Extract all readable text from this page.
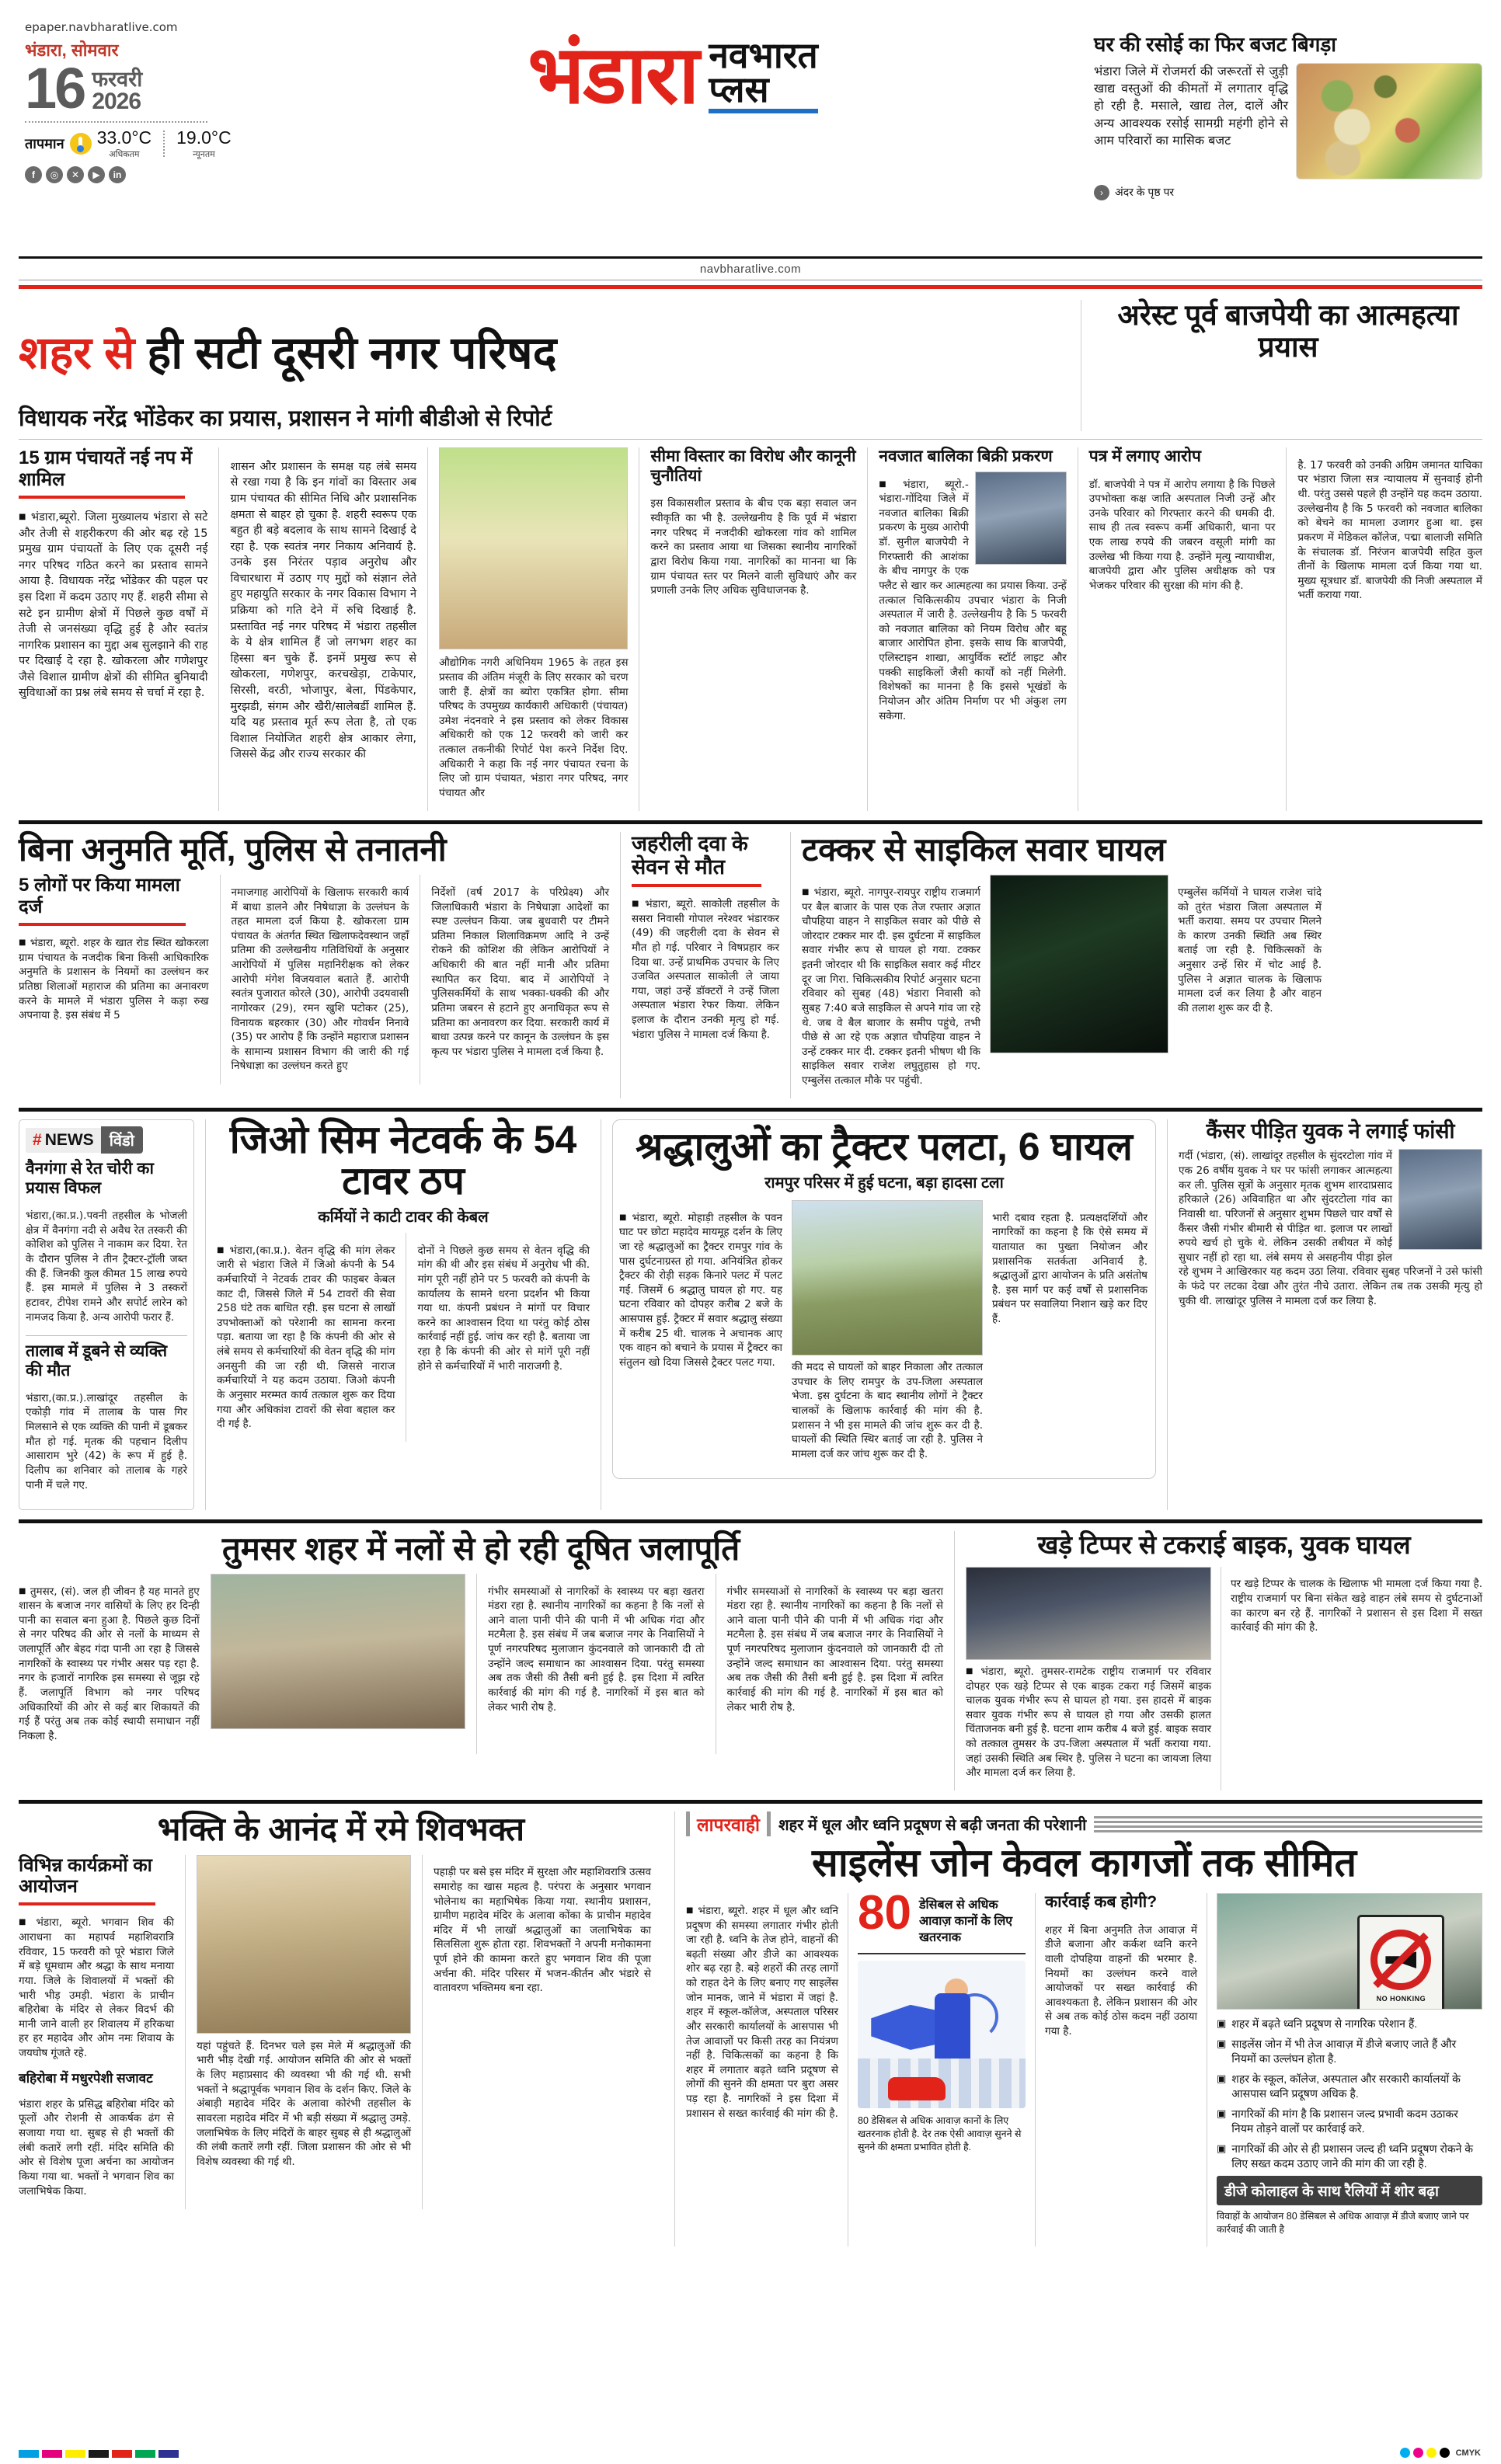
epaper.navbharatlive.com
भंडारा, सोमवार
16 फरवरी
2026
तापमान 33.0°C
अधिकतम
19.0°C
न्यूनतम
f	◎	✕	▶	in
भंडारा नवभारत
प्लस
घर की रसोई का फिर बजट बिगड़ा
भंडारा जिले में रोजमर्रा की जरूरतों से जुड़ी खाद्य वस्तुओं की कीमतों में लगातार वृद्धि हो रही है. मसाले, खाद्य तेल, दालें और अन्य आवश्यक रसोई सामग्री महंगी होने से आम परिवारों का मासिक बजट
›	अंदर के पृष्ठ पर
navbharatlive.com
शहर से ही सटी दूसरी नगर परिषद
विधायक नरेंद्र भोंडेकर का प्रयास, प्रशासन ने मांगी बीडीओ से रिपोर्ट
अरेस्ट पूर्व बाजपेयी का आत्महत्या प्रयास
15 ग्राम पंचायतें नई नप में शामिल

■ भंडारा,ब्यूरो. जिला मुख्यालय भंडारा से सटे और तेजी से शहरीकरण की ओर बढ़ रहे 15 प्रमुख ग्राम पंचायतों के लिए एक दूसरी नई नगर परिषद गठित करने का प्रस्ताव सामने आया है. विधायक नरेंद्र भोंडेकर की पहल पर इस दिशा में कदम उठाए गए हैं. शहरी सीमा से सटे इन ग्रामीण क्षेत्रों में पिछले कुछ वर्षों में तेजी से जनसंख्या वृद्धि हुई है और स्वतंत्र नागरिक प्रशासन का मुद्दा अब सुलझाने की राह पर दिखाई दे रहा है. खोकरला और गणेशपुर जैसे विशाल ग्रामीण क्षेत्रों की सीमित बुनियादी सुविधाओं का प्रश्न लंबे समय से चर्चा में रहा है.

शासन और प्रशासन के समक्ष यह लंबे समय से रखा गया है कि इन गांवों का विस्तार अब ग्राम पंचायत की सीमित निधि और प्रशासनिक क्षमता से बाहर हो चुका है. शहरी स्वरूप एक बहुत ही बड़े बदलाव के साथ सामने दिखाई दे रहा है. एक स्वतंत्र नगर निकाय अनिवार्य है. उनके इस निरंतर पड़ाव अनुरोध और विचारधारा में उठाए गए मुद्दों को संज्ञान लेते हुए महायुति सरकार के नगर विकास विभाग ने प्रक्रिया को गति देने में रुचि दिखाई है. प्रस्तावित नई नगर परिषद में भंडारा तहसील के ये क्षेत्र शामिल हैं जो लगभग शहर का हिस्सा बन चुके हैं. इनमें प्रमुख रूप से खोकरला, गणेशपुर, करचखेड़ा, टाकेपार, सिरसी, वरठी, भोजापुर, बेला, पिंडकेपार, मुरझडी, संगम और खैरी/सालेबर्डी शामिल हैं. यदि यह प्रस्ताव मूर्त रूप लेता है, तो एक विशाल नियोजित शहरी क्षेत्र आकार लेगा, जिससे केंद्र और राज्य सरकार की

औद्योगिक नगरी अधिनियम 1965 के तहत इस प्रस्ताव की अंतिम मंजूरी के लिए सरकार को चरण जारी हैं. क्षेत्रों का ब्योरा एकत्रित होगा. सीमा परिषद के उपमुख्य कार्यकारी अधिकारी (पंचायत) उमेश नंदनवारे ने इस प्रस्ताव को लेकर विकास अधिकारी को एक 12 फरवरी को जारी कर तत्काल तकनीकी रिपोर्ट पेश करने निर्देश दिए. अधिकारी ने कहा कि नई नगर पंचायत रचना के लिए जो ग्राम पंचायत, भंडारा नगर परिषद, नगर पंचायत और

सीमा विस्तार का विरोध और कानूनी चुनौतियां

इस विकासशील प्रस्ताव के बीच एक बड़ा सवाल जन स्वीकृति का भी है. उल्लेखनीय है कि पूर्व में भंडारा नगर परिषद में नजदीकी खोकरला गांव को शामिल करने का प्रस्ताव आया था जिसका स्थानीय नागरिकों द्वारा विरोध किया गया. नागरिकों का मानना था कि ग्राम पंचायत स्तर पर मिलने वाली सुविधाएं और कर प्रणाली उनके लिए अधिक सुविधाजनक है.

नवजात बालिका बिक्री प्रकरण

■ भंडारा, ब्यूरो.-भंडारा-गोंदिया जिले में नवजात बालिका बिक्री प्रकरण के मुख्य आरोपी डॉ. सुनील बाजपेयी ने गिरफ्तारी की आशंका के बीच नागपुर के एक फ्लैट से खार कर आत्महत्या का प्रयास किया. उन्हें तत्काल चिकित्सकीय उपचार भंडारा के निजी अस्पताल में जारी है. उल्लेखनीय है कि 5 फरवरी को नवजात बालिका को नियम विरोध और बहू बाजार आरोपित होना. इसके साथ कि बाजपेयी, एलिस्टाइन शाखा, आयुर्विक स्टॉर्ट लाइट और पक्की साइकिलों जैसी कार्यों को नहीं मिलेगी. विशेषकों का मानना है कि इससे भूखंडों के नियोजन और अंतिम निर्माण पर भी अंकुश लग सकेगा.

पत्र में लगाए आरोप

डॉ. बाजपेयी ने पत्र में आरोप लगाया है कि पिछले उपभोक्ता कक्ष जाति अस्पताल निजी उन्हें और उनके परिवार को गिरफ्तार करने की धमकी दी. साथ ही तत्व स्वरूप कर्मी अधिकारी, थाना पर एक लाख रुपये की जबरन वसूली मांगी का उल्लेख भी किया गया है. उन्होंने मृत्यु न्यायाधीश, बाजपेयी द्वारा और पुलिस अधीक्षक को पत्र भेजकर परिवार की सुरक्षा की मांग की है.

है. 17 फरवरी को उनकी अग्रिम जमानत याचिका पर भंडारा जिला सत्र न्यायालय में सुनवाई होनी थी. परंतु उससे पहले ही उन्होंने यह कदम उठाया. उल्लेखनीय है कि 5 फरवरी को नवजात बालिका को बेचने का मामला उजागर हुआ था. इस प्रकरण में मेडिकल कॉलेज, पद्मा बालाजी समिति के संचालक डॉ. निरंजन बाजपेयी सहित कुल तीनों के खिलाफ मामला दर्ज किया गया था. मुख्य सूत्रधार डॉ. बाजपेयी की निजी अस्पताल में भर्ती कराया गया.

बिना अनुमति मूर्ति, पुलिस से तनातनी
5 लोगों पर किया मामला दर्ज

■ भंडारा, ब्यूरो. शहर के खात रोड स्थित खोकरला ग्राम पंचायत के नजदीक बिना किसी आधिकारिक अनुमति के प्रशासन के नियमों का उल्लंघन कर प्रतिष्ठा शिलाओं महाराज की प्रतिमा का अनावरण करने के मामले में भंडारा पुलिस ने कड़ा रुख अपनाया है. इस संबंध में 5

नमाजगाह आरोपियों के खिलाफ सरकारी कार्य में बाधा डालने और निषेधाज्ञा के उल्लंघन के तहत मामला दर्ज किया है. खोकरला ग्राम पंचायत के अंतर्गत स्थित खिलाफदेवस्थान जहाँ प्रतिमा की उल्लेखनीय गतिविधियों के अनुसार आरोपियों में पुलिस महानिरीक्षक को लेकर आरोपी मंगेश विजयवाल बताते हैं. आरोपी स्वतंत्र पुजारात कोरले (30), आरोपी उदयवासी नागोरकर (29), रमन खुशि पटोकर (25), विनायक बहरकार (30) और गोवर्धन निनावे (35) पर आरोप हैं कि उन्होंने महाराज प्रशासन के सामान्य प्रशासन विभाग की जारी की गई निषेधाज्ञा का उल्लंघन करते हुए

निर्देशों (वर्ष 2017 के परिप्रेक्ष्य) और जिलाधिकारी भंडारा के निषेधाज्ञा आदेशों का स्पष्ट उल्लंघन किया. जब बुधवारी पर टीमने प्रतिमा निकाल शिलाविक्रमण आदि ने उन्हें रोकने की कोशिश की लेकिन आरोपियों ने अधिकारी की बात नहीं मानी और प्रतिमा स्थापित कर दिया. बाद में आरोपियों ने पुलिसकर्मियों के साथ भक्का-धक्की की और प्रतिमा जबरन से हटाने हुए अनाधिकृत रूप से प्रतिमा का अनावरण कर दिया. सरकारी कार्य में बाधा उत्पन्न करने पर कानून के उल्लंघन के इस कृत्य पर भंडारा पुलिस ने मामला दर्ज किया है.

जहरीली दवा के सेवन से मौत

■ भंडारा, ब्यूरो. साकोली तहसील के ससरा निवासी गोपाल नरेश्वर भंडारकर (49) की जहरीली दवा के सेवन से मौत हो गई. परिवार ने विषप्रहार कर दिया था. उन्हें प्राथमिक उपचार के लिए उजवित अस्पताल साकोली ले जाया गया, जहां उन्हें डॉक्टरों ने उन्हें जिला अस्पताल भंडारा रेफर किया. लेकिन इलाज के दौरान उनकी मृत्यु हो गई. भंडारा पुलिस ने मामला दर्ज किया है.

टक्कर से साइकिल सवार घायल

■ भंडारा, ब्यूरो. नागपुर-रायपुर राष्ट्रीय राजमार्ग पर बैल बाजार के पास एक तेज रफ्तार अज्ञात चौपहिया वाहन ने साइकिल सवार को पीछे से जोरदार टक्कर मार दी. इस दुर्घटना में साइकिल सवार गंभीर रूप से घायल हो गया. टक्कर इतनी जोरदार थी कि साइकिल सवार कई मीटर दूर जा गिरा. चिकित्सकीय रिपोर्ट अनुसार घटना रविवार को सुबह (48) भंडारा निवासी को सुबह 7:40 बजे साइकिल से अपने गांव जा रहे थे. जब वे बैल बाजार के समीप पहुंचे, तभी पीछे से आ रहे एक अज्ञात चौपहिया वाहन ने उन्हें टक्कर मार दी. टक्कर इतनी भीषण थी कि साइकिल सवार राजेश लघुतुहास हो गए. एम्बुलेंस तत्काल मौके पर पहुंची.

एम्बुलेंस कर्मियों ने घायल राजेश चांदे को तुरंत भंडारा जिला अस्पताल में भर्ती कराया. समय पर उपचार मिलने के कारण उनकी स्थिति अब स्थिर बताई जा रही है. चिकित्सकों के अनुसार उन्हें सिर में चोट आई है. पुलिस ने अज्ञात चालक के खिलाफ मामला दर्ज कर लिया है और वाहन की तलाश शुरू कर दी है.

# NEWS	विंडो
वैनगंगा से रेत चोरी का प्रयास विफल

भंडारा,(का.प्र.).पवनी तहसील के भोजली क्षेत्र में वैनगंगा नदी से अवैध रेत तस्करी की कोशिश को पुलिस ने नाकाम कर दिया. रेत के दौरान पुलिस ने तीन ट्रैक्टर-ट्रॉली जब्त की हैं. जिनकी कुल कीमत 15 लाख रुपये हैं. इस मामले में पुलिस ने 3 तस्करों हटावर, टीपेश रामने और सपोर्ट लारेन को नामजद किया है. अन्य आरोपी फरार हैं.

तालाब में डूबने से व्यक्ति की मौत

भंडारा,(का.प्र.).लाखांदूर तहसील के एकोड़ी गांव में तालाब के पास गिर मिलसाने से एक व्यक्ति की पानी में डूबकर मौत हो गई. मृतक की पहचान दिलीप आसाराम भुरे (42) के रूप में हुई है. दिलीप का शनिवार को तालाब के गहरे पानी में चले गए.

जिओ सिम नेटवर्क के 54 टावर ठप
कर्मियों ने काटी टावर की केबल

■ भंडारा,(का.प्र.). वेतन वृद्धि की मांग लेकर जारी से भंडारा जिले में जिओ कंपनी के 54 कर्मचारियों ने नेटवर्क टावर की फाइबर केबल काट दी, जिससे जिले में 54 टावरों की सेवा 258 घंटे तक बाधित रही. इस घटना से लाखों उपभोक्ताओं को परेशानी का सामना करना पड़ा. बताया जा रहा है कि कंपनी की ओर से लंबे समय से कर्मचारियों की वेतन वृद्धि की मांग अनसुनी की जा रही थी. जिससे नाराज कर्मचारियों ने यह कदम उठाया. जिओ कंपनी के अनुसार मरम्मत कार्य तत्काल शुरू कर दिया गया और अधिकांश टावरों की सेवा बहाल कर दी गई है.

दोनों ने पिछले कुछ समय से वेतन वृद्धि की मांग की थी और इस संबंध में अनुरोध भी की. मांग पूरी नहीं होने पर 5 फरवरी को कंपनी के कार्यालय के सामने धरना प्रदर्शन भी किया गया था. कंपनी प्रबंधन ने मांगों पर विचार करने का आश्वासन दिया था परंतु कोई ठोस कार्रवाई नहीं हुई. जांच कर रही है. बताया जा रहा है कि कंपनी की ओर से मांगें पूरी नहीं होने से कर्मचारियों में भारी नाराजगी है.

श्रद्धालुओं का ट्रैक्टर पलटा, 6 घायल
रामपुर परिसर में हुई घटना, बड़ा हादसा टला

■ भंडारा, ब्यूरो. मोहाड़ी तहसील के पवन घाट पर छोटा महादेव मायमूह दर्शन के लिए जा रहे श्रद्धालुओं का ट्रैक्टर रामपुर गांव के पास दुर्घटनाग्रस्त हो गया. अनियंत्रित होकर ट्रैक्टर की रोड़ी सड़क किनारे पलट में पलट गई. जिसमें 6 श्रद्धालु घायल हो गए. यह घटना रविवार को दोपहर करीब 2 बजे के आसपास हुई. ट्रैक्टर में सवार श्रद्धालु संख्या में करीब 25 थी. चालक ने अचानक आए एक वाहन को बचाने के प्रयास में ट्रैक्टर का संतुलन खो दिया जिससे ट्रैक्टर पलट गया.	की मदद से घायलों को बाहर निकाला और तत्काल उपचार के लिए रामपुर के उप-जिला अस्पताल भेजा. इस दुर्घटना के बाद स्थानीय लोगों ने ट्रैक्टर चालकों के खिलाफ कार्रवाई की मांग की है. प्रशासन ने भी इस मामले की जांच शुरू कर दी है. घायलों की स्थिति स्थिर बताई जा रही है. पुलिस ने मामला दर्ज कर जांच शुरू कर दी है.

भारी दबाव रहता है. प्रत्यक्षदर्शियों और नागरिकों का कहना है कि ऐसे समय में यातायात का पुख्ता नियोजन और प्रशासनिक सतर्कता अनिवार्य है. श्रद्धालुओं द्वारा आयोजन के प्रति असंतोष है. इस मार्ग पर कई वर्षों से प्रशासनिक प्रबंधन पर सवालिया निशान खड़े कर दिए हैं.

कैंसर पीड़ित युवक ने लगाई फांसी

गर्दी (भंडारा, (सं). लाखांदूर तहसील के सुंदरटोला गांव में एक 26 वर्षीय युवक ने घर पर फांसी लगाकर आत्महत्या कर ली. पुलिस सूत्रों के अनुसार मृतक शुभम शारदाप्रसाद हरिकाले (26) अविवाहित था और सुंदरटोला गांव का निवासी था. परिजनों से अनुसार शुभम पिछले चार वर्षों से कैंसर जैसी गंभीर बीमारी से पीड़ित था. इलाज पर लाखों रुपये खर्च हो चुके थे. लेकिन उसकी तबीयत में कोई सुधार नहीं हो रहा था. लंबे समय से असहनीय पीड़ा झेल रहे शुभम ने आखिरकार यह कदम उठा लिया. रविवार सुबह परिजनों ने उसे फांसी के फंदे पर लटका देखा और तुरंत नीचे उतारा. लेकिन तब तक उसकी मृत्यु हो चुकी थी. लाखांदूर पुलिस ने मामला दर्ज कर लिया है.

तुमसर शहर में नलों से हो रही दूषित जलापूर्ति

■ तुमसर, (सं). जल ही जीवन है यह मानते हुए शासन के बजाज नगर वासियों के लिए हर दिन्ही पानी का सवाल बना हुआ है. पिछले कुछ दिनों से नगर परिषद की ओर से नलों के माध्यम से जलापूर्ति और बेहद गंदा पानी आ रहा है जिससे नागरिकों के स्वास्थ्य पर गंभीर असर पड़ रहा है. नगर के हजारों नागरिक इस समस्या से जूझ रहे हैं. जलापूर्ति विभाग को नगर परिषद अधिकारियों की ओर से कई बार शिकायतें की गई हैं परंतु अब तक कोई स्थायी समाधान नहीं निकला है.

गंभीर समस्याओं से नागरिकों के स्वास्थ्य पर बड़ा खतरा मंडरा रहा है. स्थानीय नागरिकों का कहना है कि नलों से आने वाला पानी पीने की पानी में भी अधिक गंदा और मटमैला है. इस संबंध में जब बजाज नगर के निवासियों ने पूर्ण नगरपरिषद मुलाजान कुंदनवाले को जानकारी दी तो उन्होंने जल्द समाधान का आश्वासन दिया. परंतु समस्या अब तक जैसी की तैसी बनी हुई है. इस दिशा में त्वरित कार्रवाई की मांग की गई है. नागरिकों में इस बात को लेकर भारी रोष है.

गंभीर समस्याओं से नागरिकों के स्वास्थ्य पर बड़ा खतरा मंडरा रहा है. स्थानीय नागरिकों का कहना है कि नलों से आने वाला पानी पीने की पानी में भी अधिक गंदा और मटमैला है. इस संबंध में जब बजाज नगर के निवासियों ने पूर्ण नगरपरिषद मुलाजान कुंदनवाले को जानकारी दी तो उन्होंने जल्द समाधान का आश्वासन दिया. परंतु समस्या अब तक जैसी की तैसी बनी हुई है. इस दिशा में त्वरित कार्रवाई की मांग की गई है. नागरिकों में इस बात को लेकर भारी रोष है.

खड़े टिप्पर से टकराई बाइक, युवक घायल

■ भंडारा, ब्यूरो. तुमसर-रामटेक राष्ट्रीय राजमार्ग पर रविवार दोपहर एक खड़े टिप्पर से एक बाइक टकरा गई जिसमें बाइक चालक युवक गंभीर रूप से घायल हो गया. इस हादसे में बाइक सवार युवक गंभीर रूप से घायल हो गया और उसकी हालत चिंताजनक बनी हुई है. घटना शाम करीब 4 बजे हुई. बाइक सवार को तत्काल तुमसर के उप-जिला अस्पताल में भर्ती कराया गया. जहां उसकी स्थिति अब स्थिर है. पुलिस ने घटना का जायजा लिया और मामला दर्ज कर लिया है.

पर खड़े टिप्पर के चालक के खिलाफ भी मामला दर्ज किया गया है. राष्ट्रीय राजमार्ग पर बिना संकेत खड़े वाहन लंबे समय से दुर्घटनाओं का कारण बन रहे हैं. नागरिकों ने प्रशासन से इस दिशा में सख्त कार्रवाई की मांग की है.

भक्ति के आनंद में रमे शिवभक्त
विभिन्न कार्यक्रमों का आयोजन

■ भंडारा, ब्यूरो. भगवान शिव की आराधना का महापर्व महाशिवरात्रि रविवार, 15 फरवरी को पूरे भंडारा जिले में बड़े धूमधाम और श्रद्धा के साथ मनाया गया. जिले के शिवालयों में भक्तों की भारी भीड़ उमड़ी. भंडारा के प्राचीन बहिरोबा के मंदिर से लेकर विदर्भ की मानी जाने वाली हर शिवालय में हरिकथा हर हर महादेव और ओम नमः शिवाय के जयघोष गूंजते रहे.

बहिरोबा में मधुरपेशी सजावट

भंडारा शहर के प्रसिद्ध बहिरोबा मंदिर को फूलों और रोशनी से आकर्षक ढंग से सजाया गया था. सुबह से ही भक्तों की लंबी कतारें लगी रहीं. मंदिर समिति की ओर से विशेष पूजा अर्चना का आयोजन किया गया था. भक्तों ने भगवान शिव का जलाभिषेक किया.

यहां पहुंचते हैं. दिनभर चले इस मेले में श्रद्धालुओं की भारी भीड़ देखी गई. आयोजन समिति की ओर से भक्तों के लिए महाप्रसाद की व्यवस्था भी की गई थी. सभी भक्तों ने श्रद्धापूर्वक भगवान शिव के दर्शन किए. जिले के अंबाड़ी महादेव मंदिर के अलावा कोरंभी तहसील के सावरला महादेव मंदिर में भी बड़ी संख्या में श्रद्धालु उमड़े. जलाभिषेक के लिए मंदिरों के बाहर सुबह से ही श्रद्धालुओं की लंबी कतारें लगी रहीं. जिला प्रशासन की ओर से भी विशेष व्यवस्था की गई थी.

पहाड़ी पर बसे इस मंदिर में सुरक्षा और महाशिवरात्रि उत्सव समारोह का खास महत्व है. परंपरा के अनुसार भगवान भोलेनाथ का महाभिषेक किया गया. स्थानीय प्रशासन, ग्रामीण महादेव मंदिर के अलावा कोंका के प्राचीन महादेव मंदिर में भी लाखों श्रद्धालुओं का जलाभिषेक का सिलसिला शुरू होता रहा. शिवभक्तों ने अपनी मनोकामना पूर्ण होने की कामना करते हुए भगवान शिव की पूजा अर्चना की. मंदिर परिसर में भजन-कीर्तन और भंडारे से वातावरण भक्तिमय बना रहा.

लापरवाही	शहर में धूल और ध्वनि प्रदूषण से बढ़ी जनता की परेशानी
साइलेंस जोन केवल कागजों तक सीमित

■ भंडारा, ब्यूरो. शहर में धूल और ध्वनि प्रदूषण की समस्या लगातार गंभीर होती जा रही है. ध्वनि के तेज होने, वाहनों की बढ़ती संख्या और डीजे का आवश्यक शोर बढ़ रहा है. बड़े शहरों की तरह लागों को राहत देने के लिए बनाए गए साइलेंस जोन मानक, जाने में भंडारा में जहां है. शहर में स्कूल-कॉलेज, अस्पताल परिसर और सरकारी कार्यालयों के आसपास भी तेज आवाज़ों पर किसी तरह का नियंत्रण नहीं है. चिकित्सकों का कहना है कि शहर में लगातार बढ़ते ध्वनि प्रदूषण से लोगों की सुनने की क्षमता पर बुरा असर पड़ रहा है. नागरिकों ने इस दिशा में प्रशासन से सख्त कार्रवाई की मांग की है.

80 डेसिबल से अधिक आवाज़ कानों के लिए खतरनाक

80 डेसिबल से अधिक आवाज़ कानों के लिए खतरनाक होती है. देर तक ऐसी आवाज़ सुनने से सुनने की क्षमता प्रभावित होती है.

कार्रवाई कब होगी?

शहर में बिना अनुमति तेज आवाज़ में डीजे बजाना और कर्कश ध्वनि करने वाली दोपहिया वाहनों की भरमार है. नियमों का उल्लंघन करने वाले आयोजकों पर सख्त कार्रवाई की आवश्यकता है. लेकिन प्रशासन की ओर से अब तक कोई ठोस कदम नहीं उठाया गया है.

NO HONKING
▣ शहर में बढ़ते ध्वनि प्रदूषण से नागरिक परेशान हैं.
▣ साइलेंस जोन में भी तेज आवाज़ में डीजे बजाए जाते हैं और नियमों का उल्लंघन होता है.
▣ शहर के स्कूल, कॉलेज, अस्पताल और सरकारी कार्यालयों के आसपास ध्वनि प्रदूषण अधिक है.
▣ नागरिकों की मांग है कि प्रशासन जल्द प्रभावी कदम उठाकर नियम तोड़ने वालों पर कार्रवाई करे.
▣ नागरिकों की ओर से ही प्रशासन जल्द ही ध्वनि प्रदूषण रोकने के लिए सख्त कदम उठाए जाने की मांग की जा रही है.
डीजे कोलाहल के साथ रैलियों में शोर बढ़ा

विवाहों के आयोजन 80 डेसिबल से अधिक आवाज़ में डीजे बजाए जाने पर कार्रवाई की जाती है

CMYK
